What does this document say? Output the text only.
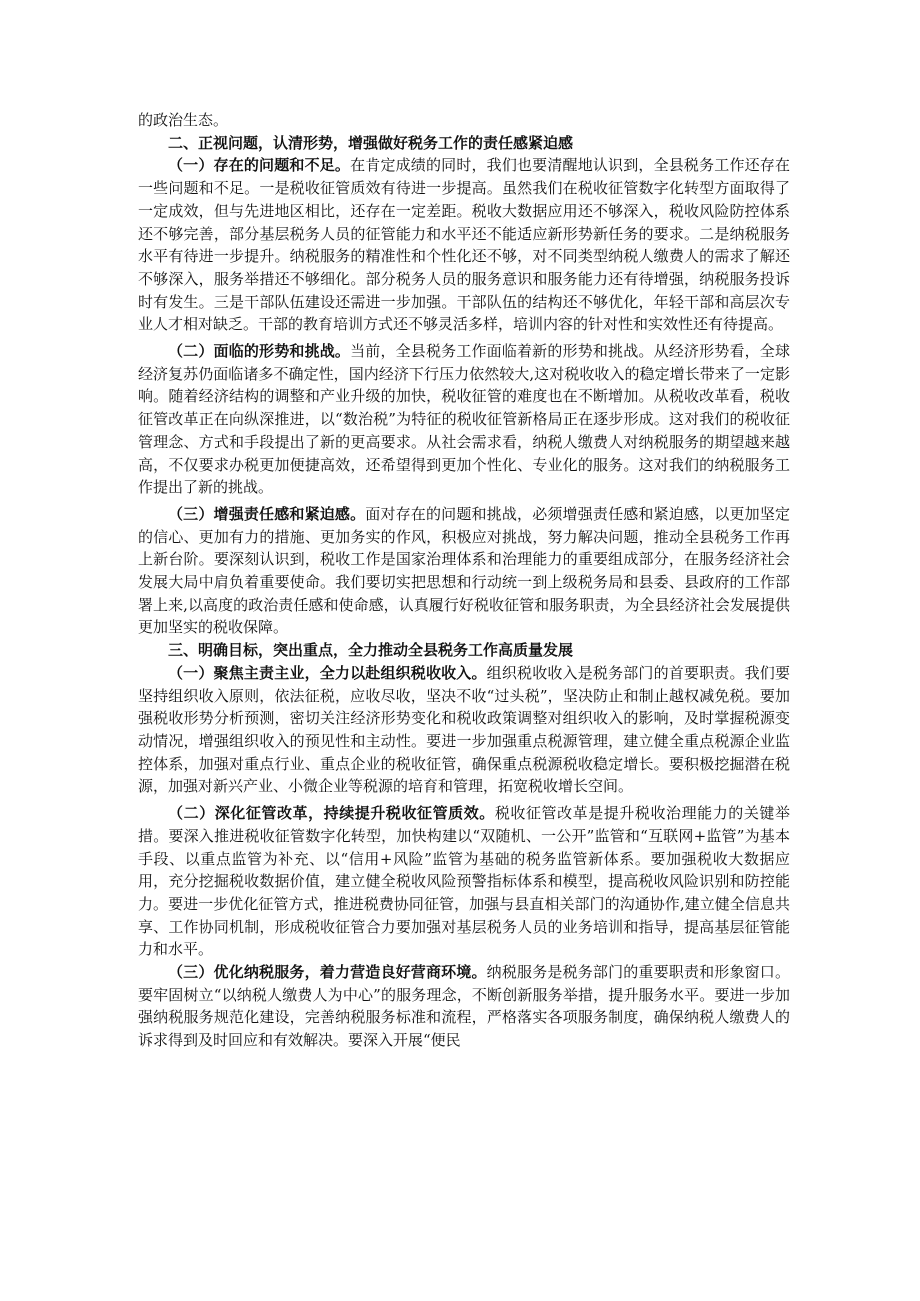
的政治生态。

二、正视问题，认清形势，增强做好税务工作的责任感紧迫感

（一）存在的问题和不足。在肯定成绩的同时，我们也要清醒地认识到，全县税务工作还存在一些问题和不足。一是税收征管质效有待进一步提高。虽然我们在税收征管数字化转型方面取得了一定成效，但与先进地区相比，还存在一定差距。税收大数据应用还不够深入，税收风险防控体系还不够完善，部分基层税务人员的征管能力和水平还不能适应新形势新任务的要求。二是纳税服务水平有待进一步提升。纳税服务的精准性和个性化还不够，对不同类型纳税人缴费人的需求了解还不够深入，服务举措还不够细化。部分税务人员的服务意识和服务能力还有待增强，纳税服务投诉时有发生。三是干部队伍建设还需进一步加强。干部队伍的结构还不够优化，年轻干部和高层次专业人才相对缺乏。干部的教育培训方式还不够灵活多样，培训内容的针对性和实效性还有待提高。

（二）面临的形势和挑战。当前，全县税务工作面临着新的形势和挑战。从经济形势看，全球经济复苏仍面临诸多不确定性，国内经济下行压力依然较大,这对税收收入的稳定增长带来了一定影响。随着经济结构的调整和产业升级的加快，税收征管的难度也在不断增加。从税收改革看，税收征管改革正在向纵深推进，以“数治税”为特征的税收征管新格局正在逐步形成。这对我们的税收征管理念、方式和手段提出了新的更高要求。从社会需求看，纳税人缴费人对纳税服务的期望越来越高，不仅要求办税更加便捷高效，还希望得到更加个性化、专业化的服务。这对我们的纳税服务工作提出了新的挑战。

（三）增强责任感和紧迫感。面对存在的问题和挑战，必须增强责任感和紧迫感，以更加坚定的信心、更加有力的措施、更加务实的作风，积极应对挑战，努力解决问题，推动全县税务工作再上新台阶。要深刻认识到，税收工作是国家治理体系和治理能力的重要组成部分，在服务经济社会发展大局中肩负着重要使命。我们要切实把思想和行动统一到上级税务局和县委、县政府的工作部署上来,以高度的政治责任感和使命感，认真履行好税收征管和服务职责，为全县经济社会发展提供更加坚实的税收保障。

三、明确目标，突出重点，全力推动全县税务工作高质量发展

（一）聚焦主责主业，全力以赴组织税收收入。组织税收收入是税务部门的首要职责。我们要坚持组织收入原则，依法征税，应收尽收，坚决不收“过头税”，坚决防止和制止越权减免税。要加强税收形势分析预测，密切关注经济形势变化和税收政策调整对组织收入的影响，及时掌握税源变动情况，增强组织收入的预见性和主动性。要进一步加强重点税源管理，建立健全重点税源企业监控体系，加强对重点行业、重点企业的税收征管，确保重点税源税收稳定增长。要积极挖掘潜在税源，加强对新兴产业、小微企业等税源的培育和管理，拓宽税收增长空间。

（二）深化征管改革，持续提升税收征管质效。税收征管改革是提升税收治理能力的关键举措。要深入推进税收征管数字化转型，加快构建以“双随机、一公开”监管和“互联网+监管”为基本手段、以重点监管为补充、以“信用+风险”监管为基础的税务监管新体系。要加强税收大数据应用，充分挖掘税收数据价值，建立健全税收风险预警指标体系和模型，提高税收风险识别和防控能力。要进一步优化征管方式，推进税费协同征管，加强与县直相关部门的沟通协作,建立健全信息共享、工作协同机制，形成税收征管合力要加强对基层税务人员的业务培训和指导，提高基层征管能力和水平。

（三）优化纳税服务，着力营造良好营商环境。纳税服务是税务部门的重要职责和形象窗口。要牢固树立“以纳税人缴费人为中心”的服务理念，不断创新服务举措，提升服务水平。要进一步加强纳税服务规范化建设，完善纳税服务标准和流程，严格落实各项服务制度，确保纳税人缴费人的诉求得到及时回应和有效解决。要深入开展“便民
